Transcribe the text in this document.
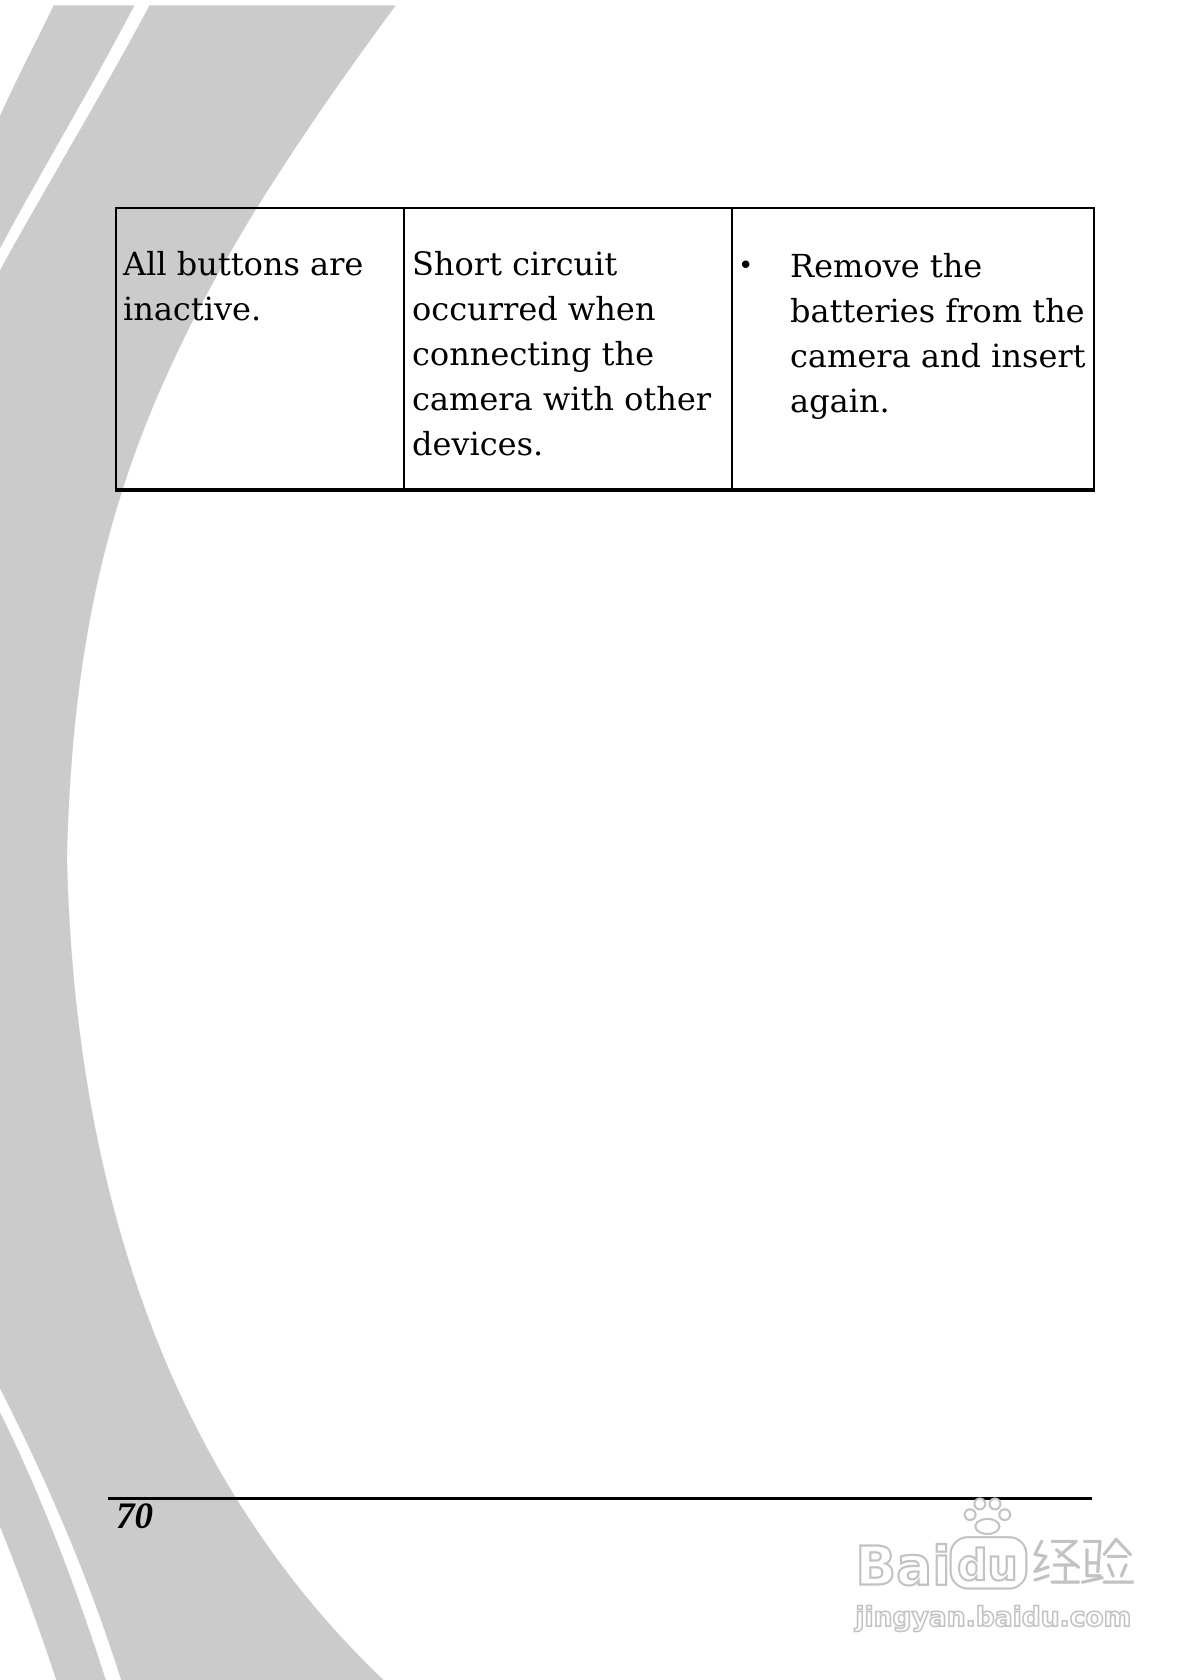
All buttons are
inactive.
Short circuit
occurred when
connecting the
camera with other
devices.
• Remove the
batteries from the
camera and insert
again.
70
Bai du
jingyan.baidu.com
